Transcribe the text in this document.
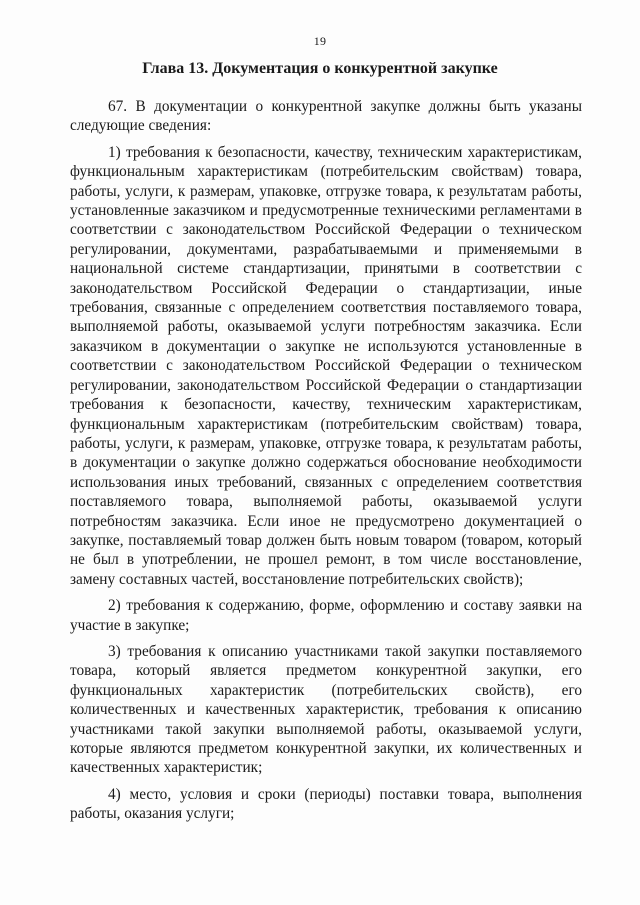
19
Глава 13. Документация о конкурентной закупке

67. В документации о конкурентной закупке должны быть указаны следующие сведения:

1) требования к безопасности, качеству, техническим характеристикам, функциональным характеристикам (потребительским свойствам) товара, работы, услуги, к размерам, упаковке, отгрузке товара, к результатам работы, установленные заказчиком и предусмотренные техническими регламентами в соответствии с законодательством Российской Федерации о техническом регулировании, документами, разрабатываемыми и применяемыми в национальной системе стандартизации, принятыми в соответствии с законодательством Российской Федерации о стандартизации, иные требования, связанные с определением соответствия поставляемого товара, выполняемой работы, оказываемой услуги потребностям заказчика. Если заказчиком в документации о закупке не используются установленные в соответствии с законодательством Российской Федерации о техническом регулировании, законодательством Российской Федерации о стандартизации требования к безопасности, качеству, техническим характеристикам, функциональным характеристикам (потребительским свойствам) товара, работы, услуги, к размерам, упаковке, отгрузке товара, к результатам работы, в документации о закупке должно содержаться обоснование необходимости использования иных требований, связанных с определением соответствия поставляемого товара, выполняемой работы, оказываемой услуги потребностям заказчика. Если иное не предусмотрено документацией о закупке, поставляемый товар должен быть новым товаром (товаром, который не был в употреблении, не прошел ремонт, в том числе восстановление, замену составных частей, восстановление потребительских свойств);

2) требования к содержанию, форме, оформлению и составу заявки на участие в закупке;

3) требования к описанию участниками такой закупки поставляемого товара, который является предметом конкурентной закупки, его функциональных характеристик (потребительских свойств), его количественных и качественных характеристик, требования к описанию участниками такой закупки выполняемой работы, оказываемой услуги, которые являются предметом конкурентной закупки, их количественных и качественных характеристик;

4) место, условия и сроки (периоды) поставки товара, выполнения работы, оказания услуги;
